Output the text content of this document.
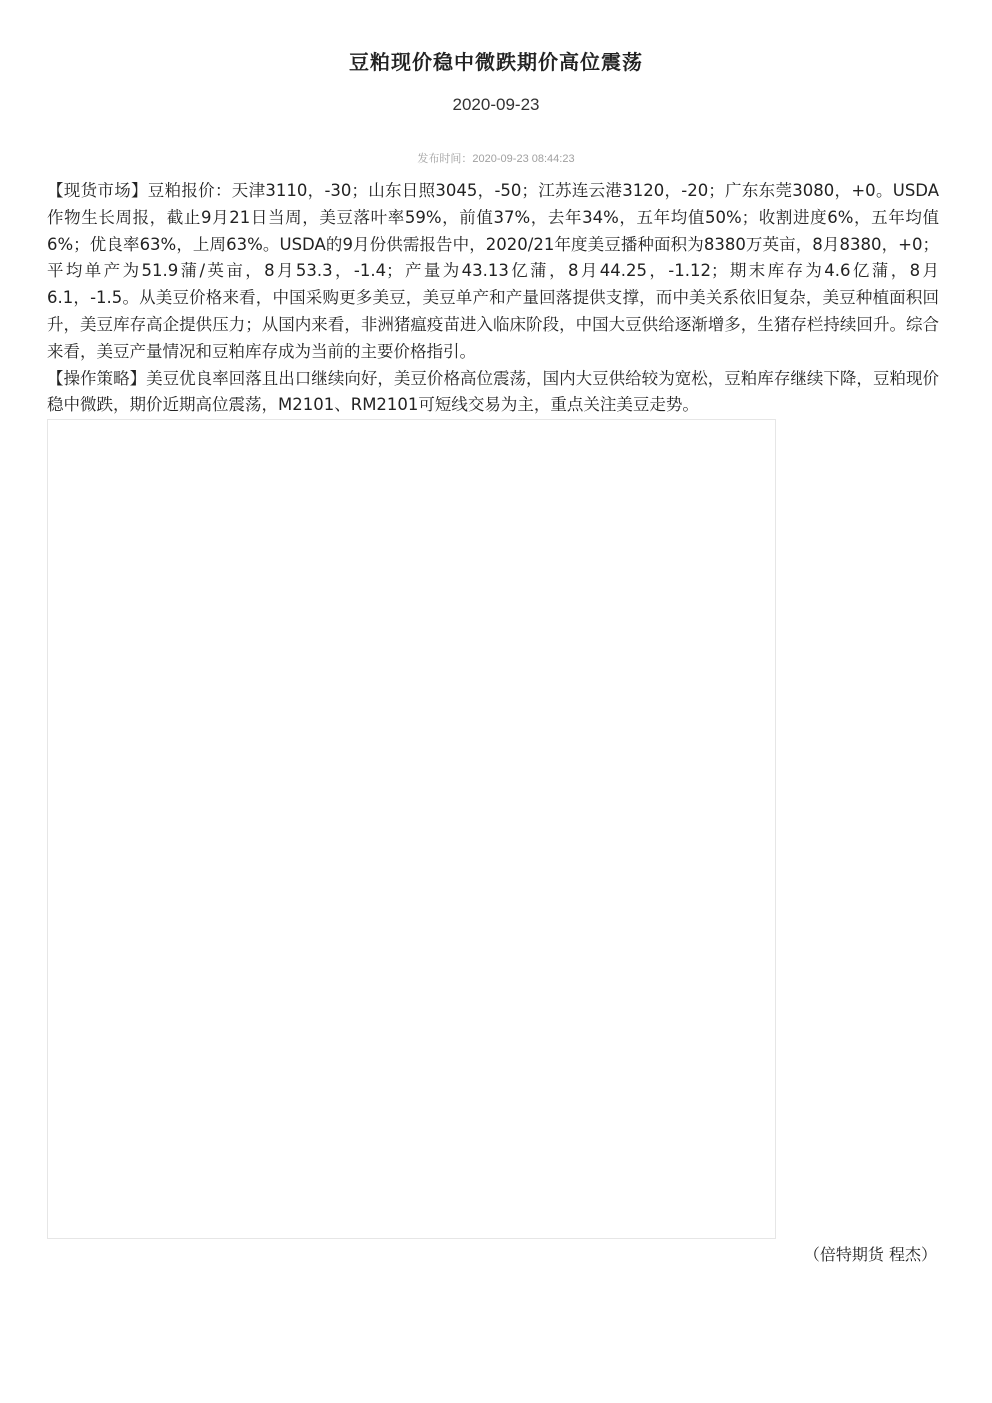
豆粕现价稳中微跌期价高位震荡
2020-09-23
发布时间：2020-09-23 08:44:23

【现货市场】豆粕报价：天津3110，-30；山东日照3045，-50；江苏连云港3120，-20；广东东莞3080，+0。USDA作物生长周报，截止9月21日当周，美豆落叶率59%，前值37%，去年34%，五年均值50%；收割进度6%，五年均值6%；优良率63%，上周63%。USDA的9月份供需报告中，2020/21年度美豆播种面积为8380万英亩，8月8380，+0；平均单产为51.9蒲/英亩，8月53.3，-1.4；产量为43.13亿蒲，8月44.25，-1.12；期末库存为4.6亿蒲，8月6.1，-1.5。从美豆价格来看，中国采购更多美豆，美豆单产和产量回落提供支撑，而中美关系依旧复杂，美豆种植面积回升，美豆库存高企提供压力；从国内来看，非洲猪瘟疫苗进入临床阶段，中国大豆供给逐渐增多，生猪存栏持续回升。综合来看，美豆产量情况和豆粕库存成为当前的主要价格指引。

【操作策略】美豆优良率回落且出口继续向好，美豆价格高位震荡，国内大豆供给较为宽松，豆粕库存继续下降，豆粕现价稳中微跌，期价近期高位震荡，M2101、RM2101可短线交易为主，重点关注美豆走势。

（倍特期货 程杰）
